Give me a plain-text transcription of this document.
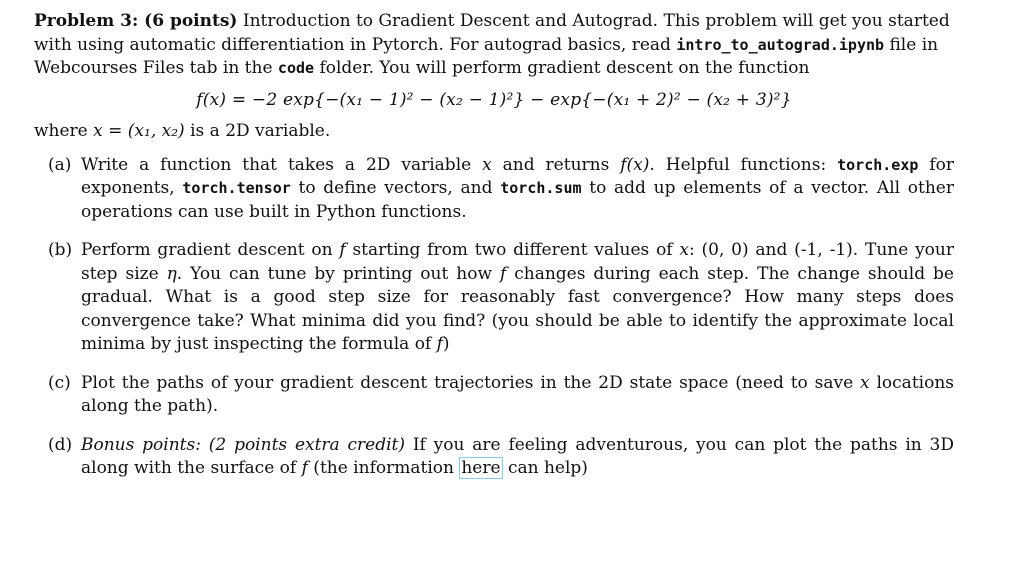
Problem 3: (6 points) Introduction to Gradient Descent and Autograd. This problem will get you started with using automatic differentiation in Pytorch. For autograd basics, read intro_to_autograd.ipynb file in Webcourses Files tab in the code folder. You will perform gradient descent on the function

f(x) = −2 exp{−(x₁ − 1)² − (x₂ − 1)²} − exp{−(x₁ + 2)² − (x₂ + 3)²}

where x = (x₁, x₂) is a 2D variable.

(a) Write a function that takes a 2D variable x and returns f(x). Helpful functions: torch.exp for exponents, torch.tensor to define vectors, and torch.sum to add up elements of a vector. All other operations can use built in Python functions.
(b) Perform gradient descent on f starting from two different values of x: (0, 0) and (-1, -1). Tune your step size η. You can tune by printing out how f changes during each step. The change should be gradual. What is a good step size for reasonably fast convergence? How many steps does convergence take? What minima did you find? (you should be able to identify the approximate local minima by just inspecting the formula of f)
(c) Plot the paths of your gradient descent trajectories in the 2D state space (need to save x locations along the path).
(d) Bonus points: (2 points extra credit) If you are feeling adventurous, you can plot the paths in 3D along with the surface of f (the information here can help)
